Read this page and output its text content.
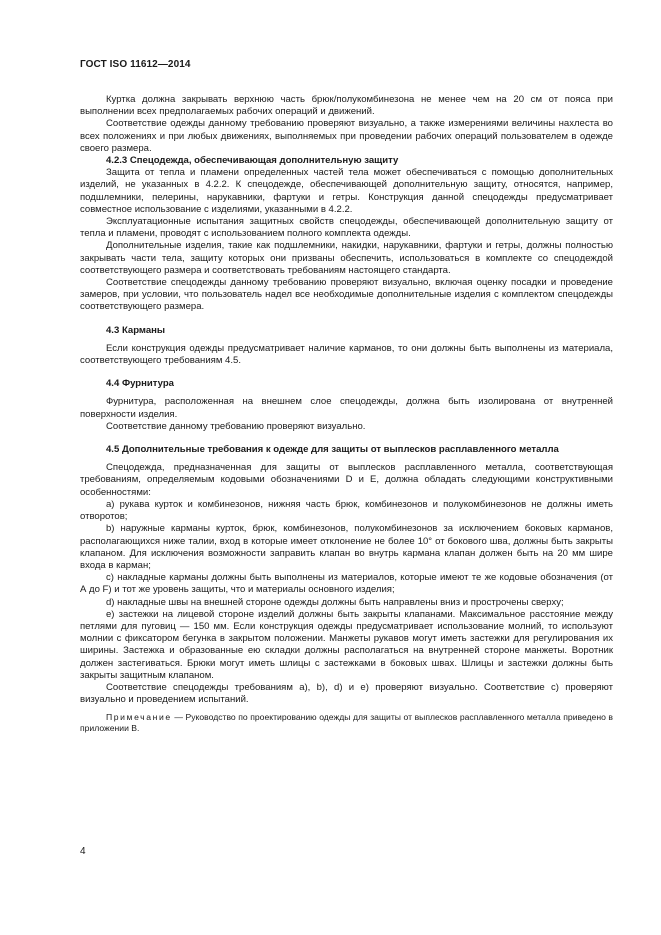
ГОСТ ISO 11612—2014

Куртка должна закрывать верхнюю часть брюк/полукомбинезона не менее чем на 20 см от пояса при выполнении всех предполагаемых рабочих операций и движений.

Соответствие одежды данному требованию проверяют визуально, а также измерениями величины нахлеста во всех положениях и при любых движениях, выполняемых при проведении рабочих операций пользователем в одежде своего размера.

4.2.3 Спецодежда, обеспечивающая дополнительную защиту

Защита от тепла и пламени определенных частей тела может обеспечиваться с помощью дополнительных изделий, не указанных в 4.2.2. К спецодежде, обеспечивающей дополнительную защиту, относятся, например, подшлемники, пелерины, нарукавники, фартуки и гетры. Конструкция данной спецодежды предусматривает совместное использование с изделиями, указанными в 4.2.2.

Эксплуатационные испытания защитных свойств спецодежды, обеспечивающей дополнительную защиту от тепла и пламени, проводят с использованием полного комплекта одежды.

Дополнительные изделия, такие как подшлемники, накидки, нарукавники, фартуки и гетры, должны полностью закрывать части тела, защиту которых они призваны обеспечить, использоваться в комплекте со спецодеждой соответствующего размера и соответствовать требованиям настоящего стандарта.

Соответствие спецодежды данному требованию проверяют визуально, включая оценку посадки и проведение замеров, при условии, что пользователь надел все необходимые дополнительные изделия с комплектом спецодежды соответствующего размера.

4.3 Карманы

Если конструкция одежды предусматривает наличие карманов, то они должны быть выполнены из материала, соответствующего требованиям 4.5.

4.4 Фурнитура

Фурнитура, расположенная на внешнем слое спецодежды, должна быть изолирована от внутренней поверхности изделия.

Соответствие данному требованию проверяют визуально.

4.5 Дополнительные требования к одежде для защиты от выплесков расплавленного металла

Спецодежда, предназначенная для защиты от выплесков расплавленного металла, соответствующая требованиям, определяемым кодовыми обозначениями D и Е, должна обладать следующими конструктивными особенностями:

a) рукава курток и комбинезонов, нижняя часть брюк, комбинезонов и полукомбинезонов не должны иметь отворотов;

b) наружные карманы курток, брюк, комбинезонов, полукомбинезонов за исключением боковых карманов, располагающихся ниже талии, вход в которые имеет отклонение не более 10° от бокового шва, должны быть закрыты клапаном. Для исключения возможности заправить клапан во внутрь кармана клапан должен быть на 20 мм шире входа в карман;

c) накладные карманы должны быть выполнены из материалов, которые имеют те же кодовые обозначения (от А до F) и тот же уровень защиты, что и материалы основного изделия;

d) накладные швы на внешней стороне одежды должны быть направлены вниз и прострочены сверху;

e) застежки на лицевой стороне изделий должны быть закрыты клапанами. Максимальное расстояние между петлями для пуговиц — 150 мм. Если конструкция одежды предусматривает использование молний, то используют молнии с фиксатором бегунка в закрытом положении. Манжеты рукавов могут иметь застежки для регулирования их ширины. Застежка и образованные ею складки должны располагаться на внутренней стороне манжеты. Воротник должен застегиваться. Брюки могут иметь шлицы с застежками в боковых швах. Шлицы и застежки должны быть закрыты защитным клапаном.

Соответствие спецодежды требованиям a), b), d) и e) проверяют визуально. Соответствие с) проверяют визуально и проведением испытаний.

Примечание — Руководство по проектированию одежды для защиты от выплесков расплавленного металла приведено в приложении В.

4
